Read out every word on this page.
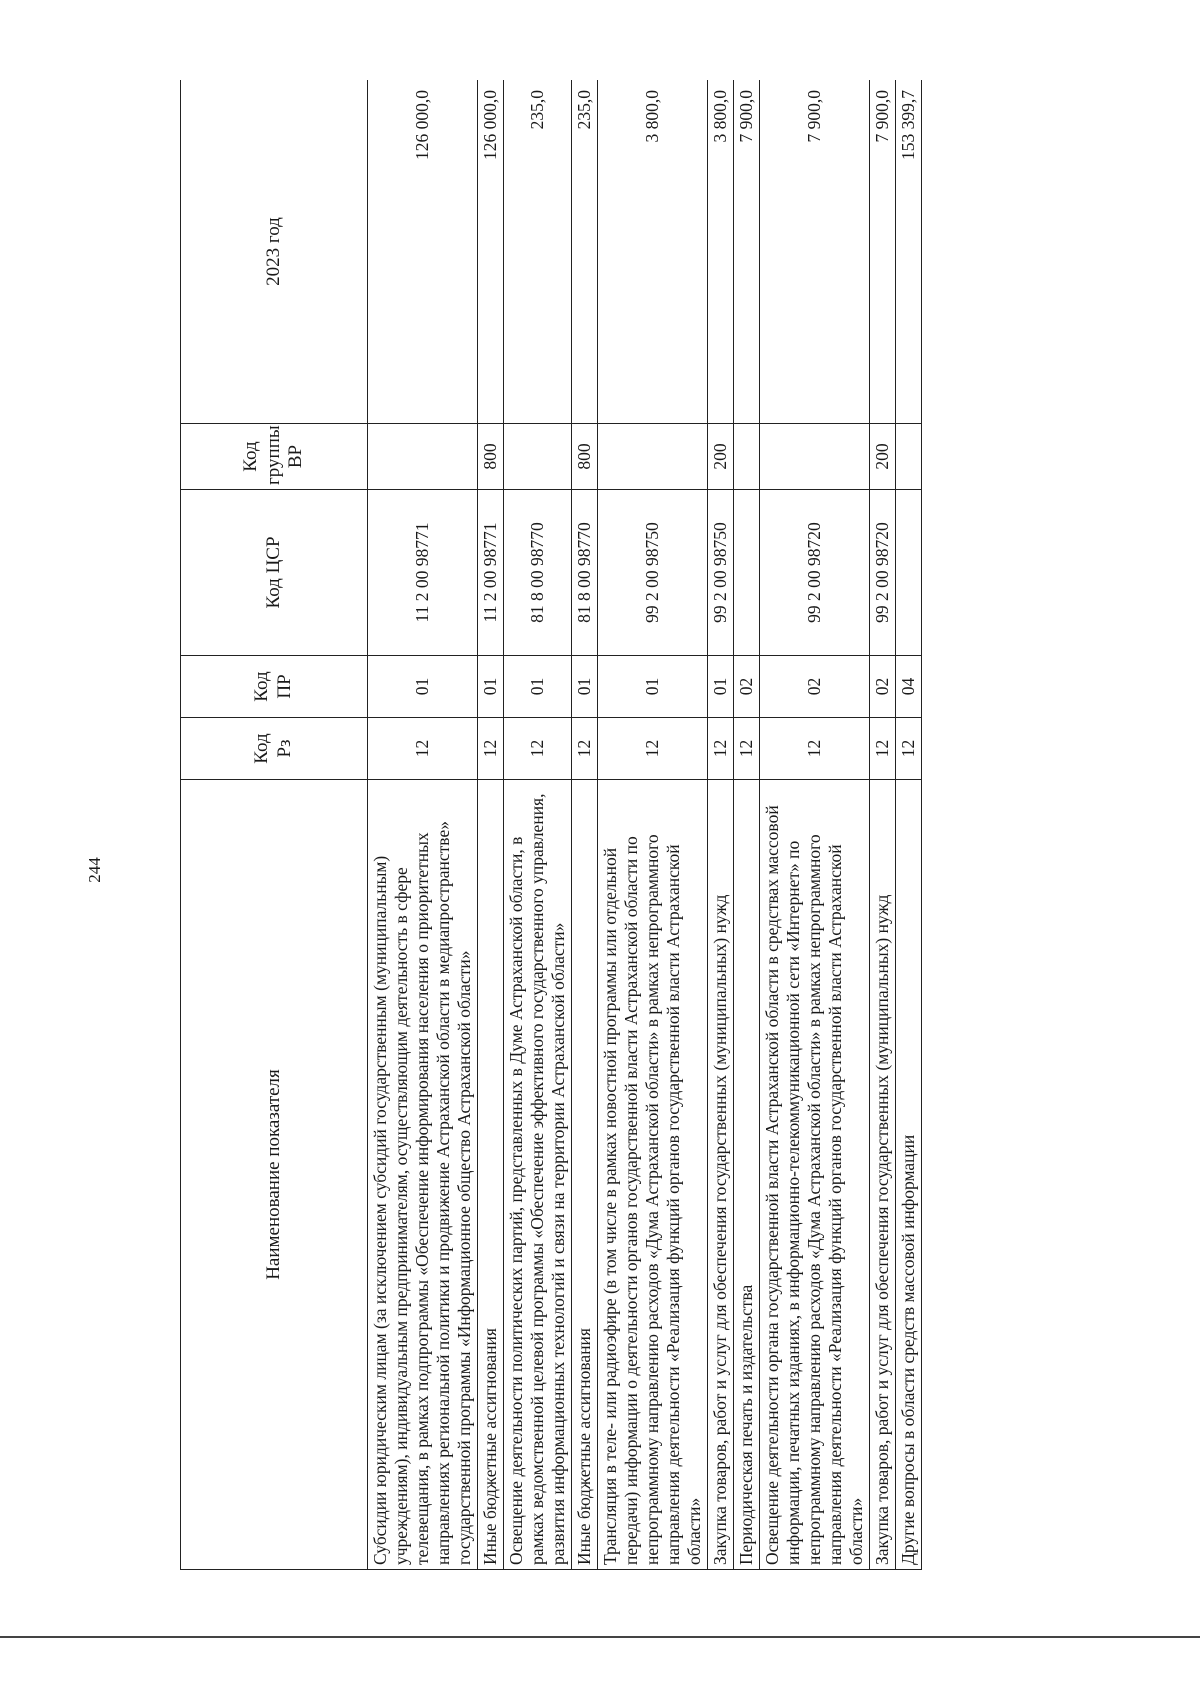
244
Наименование показателя	Код Рз	Код ПР	Код ЦСР	Код группы ВР	2023 год
Субсидии юридическим лицам (за исключением субсидий государственным (муниципальным) учреждениям), индивидуальным предпринимателям, осуществляющим деятельность в сфере телевещания, в рамках подпрограммы «Обеспечение информирования населения о приоритетных направлениях региональной политики и продвижение Астраханской области в медиапространстве» государственной программы «Информационное общество Астраханской области»	12	01	11 2 00 98771		126 000,0
Иные бюджетные ассигнования	12	01	11 2 00 98771	800	126 000,0
Освещение деятельности политических партий, представленных в Думе Астраханской области, в рамках ведомственной целевой программы «Обеспечение эффективного государственного управления, развития информационных технологий и связи на территории Астраханской области»	12	01	81 8 00 98770		235,0
Иные бюджетные ассигнования	12	01	81 8 00 98770	800	235,0
Трансляция в теле- или радиоэфире (в том числе в рамках новостной программы или отдельной передачи) информации о деятельности органов государственной власти Астраханской области по непрограммному направлению расходов «Дума Астраханской области» в рамках непрограммного направления деятельности «Реализация функций органов государственной власти Астраханской области»	12	01	99 2 00 98750		3 800,0
Закупка товаров, работ и услуг для обеспечения государственных (муниципальных) нужд	12	01	99 2 00 98750	200	3 800,0
Периодическая печать и издательства	12	02			7 900,0
Освещение деятельности органа государственной власти Астраханской области в средствах массовой информации, печатных изданиях, в информационно-телекоммуникационной сети «Интернет» по непрограммному направлению расходов «Дума Астраханской области» в рамках непрограммного направления деятельности «Реализация функций органов государственной власти Астраханской области»	12	02	99 2 00 98720		7 900,0
Закупка товаров, работ и услуг для обеспечения государственных (муниципальных) нужд	12	02	99 2 00 98720	200	7 900,0
Другие вопросы в области средств массовой информации	12	04			153 399,7
